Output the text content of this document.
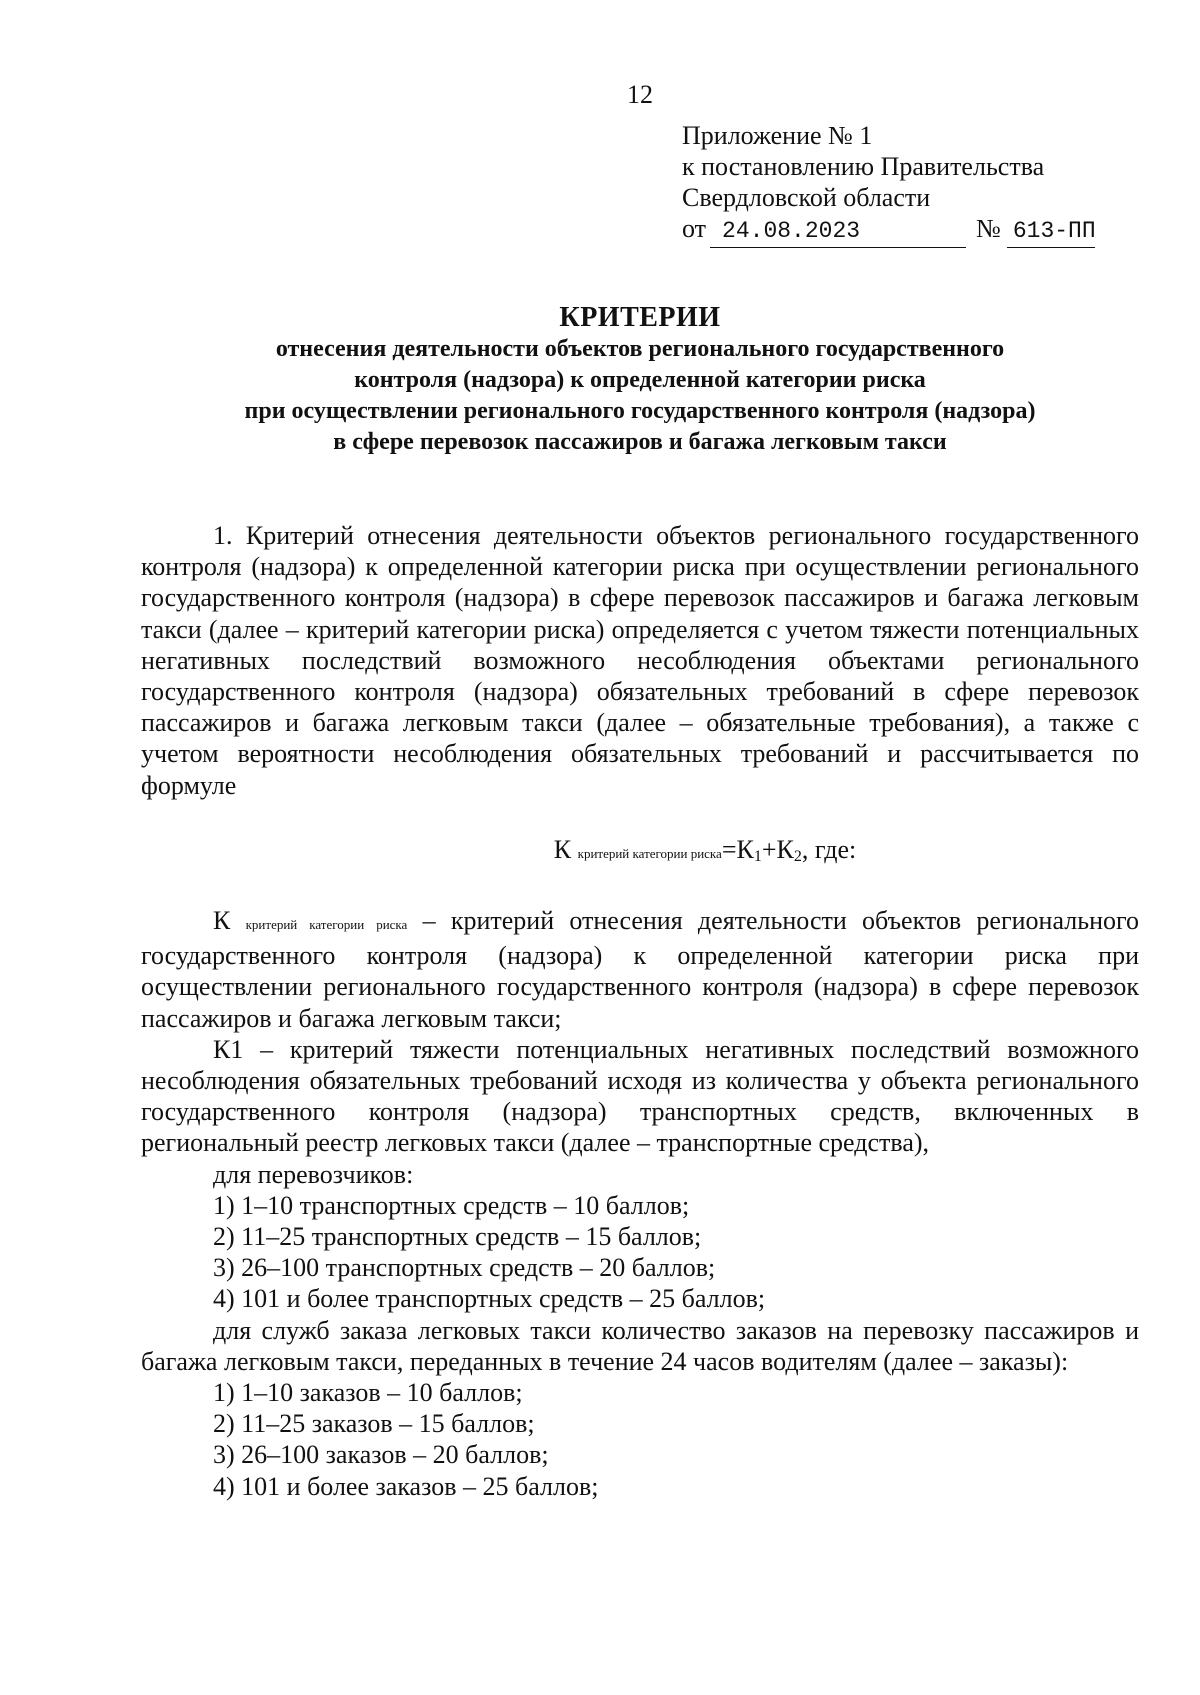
12
Приложение № 1
к постановлению Правительства
Свердловской области
от 24.08.2023	№ 613-ПП
КРИТЕРИИ
отнесения деятельности объектов регионального государственного
контроля (надзора) к определенной категории риска
при осуществлении регионального государственного контроля (надзора)
в сфере перевозок пассажиров и багажа легковым такси

1. Критерий отнесения деятельности объектов регионального государственного контроля (надзора) к определенной категории риска при осуществлении регионального государственного контроля (надзора) в сфере перевозок пассажиров и багажа легковым такси (далее – критерий категории риска) определяется с учетом тяжести потенциальных негативных последствий возможного несоблюдения объектами регионального государственного контроля (надзора) обязательных требований в сфере перевозок пассажиров и багажа легковым такси (далее – обязательные требования), а также с учетом вероятности несоблюдения обязательных требований и рассчитывается по формуле

К критерий категории риска=К1+К2, где:

К критерий категории риска – критерий отнесения деятельности объектов регионального государственного контроля (надзора) к определенной категории риска при осуществлении регионального государственного контроля (надзора) в сфере перевозок пассажиров и багажа легковым такси;

К1 – критерий тяжести потенциальных негативных последствий возможного несоблюдения обязательных требований исходя из количества у объекта регионального государственного контроля (надзора) транспортных средств, включенных в региональный реестр легковых такси (далее – транспортные средства),

для перевозчиков:

1) 1–10 транспортных средств – 10 баллов;

2) 11–25 транспортных средств – 15 баллов;

3) 26–100 транспортных средств – 20 баллов;

4) 101 и более транспортных средств – 25 баллов;

для служб заказа легковых такси количество заказов на перевозку пассажиров и багажа легковым такси, переданных в течение 24 часов водителям (далее – заказы):

1) 1–10 заказов – 10 баллов;

2) 11–25 заказов – 15 баллов;

3) 26–100 заказов – 20 баллов;

4) 101 и более заказов – 25 баллов;
